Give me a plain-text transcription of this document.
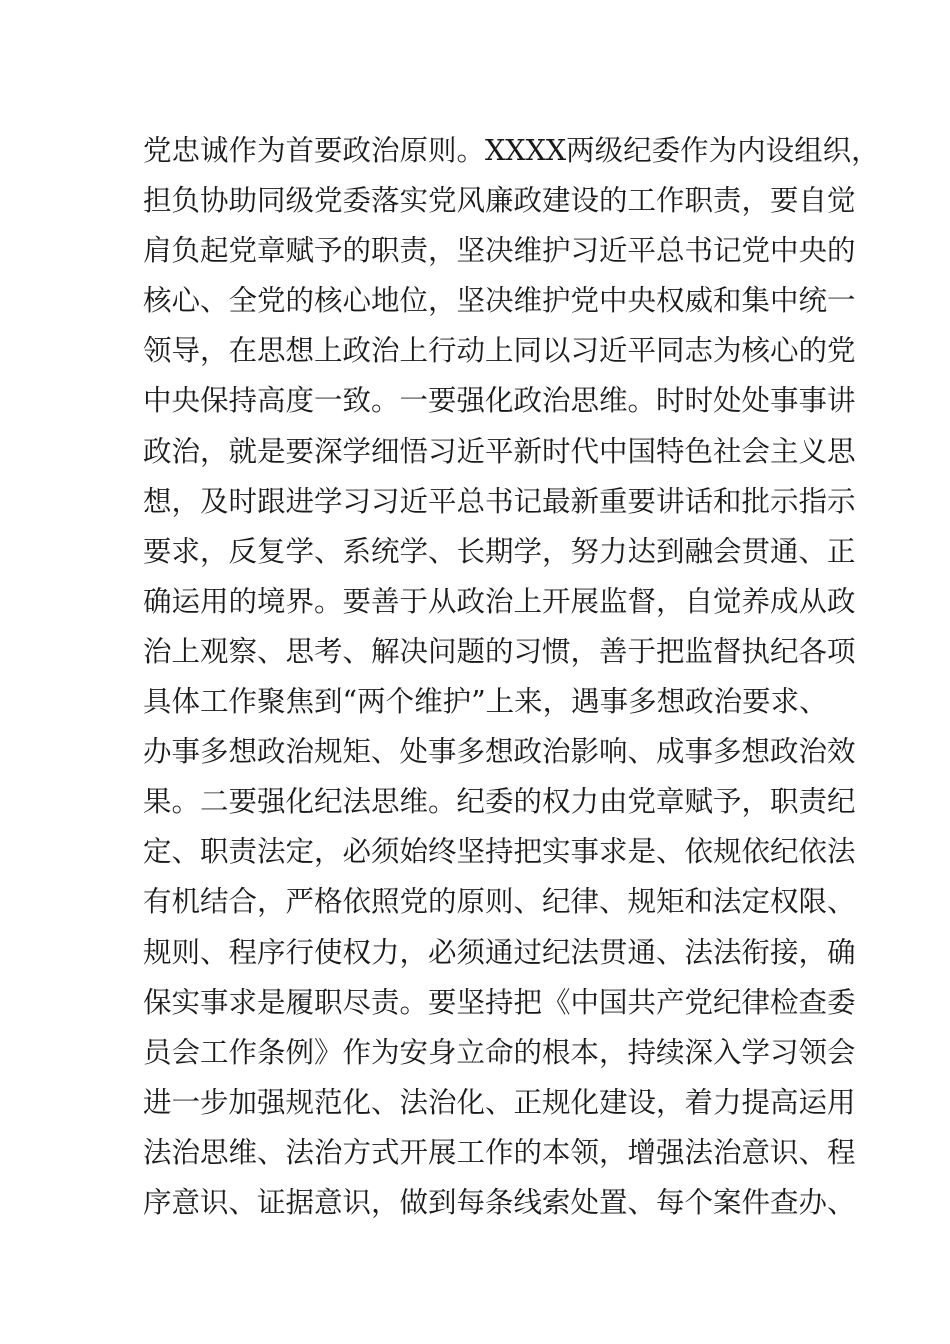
党忠诚作为首要政治原则。XXXX两级纪委作为内设组织，
担负协助同级党委落实党风廉政建设的工作职责，要自觉
肩负起党章赋予的职责，坚决维护习近平总书记党中央的
核心、全党的核心地位，坚决维护党中央权威和集中统一
领导，在思想上政治上行动上同以习近平同志为核心的党
中央保持高度一致。一要强化政治思维。时时处处事事讲
政治，就是要深学细悟习近平新时代中国特色社会主义思
想，及时跟进学习习近平总书记最新重要讲话和批示指示
要求，反复学、系统学、长期学，努力达到融会贯通、正
确运用的境界。要善于从政治上开展监督，自觉养成从政
治上观察、思考、解决问题的习惯，善于把监督执纪各项
具体工作聚焦到“两个维护”上来，遇事多想政治要求、
办事多想政治规矩、处事多想政治影响、成事多想政治效
果。二要强化纪法思维。纪委的权力由党章赋予，职责纪
定、职责法定，必须始终坚持把实事求是、依规依纪依法
有机结合，严格依照党的原则、纪律、规矩和法定权限、
规则、程序行使权力，必须通过纪法贯通、法法衔接，确
保实事求是履职尽责。要坚持把《中国共产党纪律检查委
员会工作条例》作为安身立命的根本，持续深入学习领会
进一步加强规范化、法治化、正规化建设，着力提高运用
法治思维、法治方式开展工作的本领，增强法治意识、程
序意识、证据意识，做到每条线索处置、每个案件查办、
